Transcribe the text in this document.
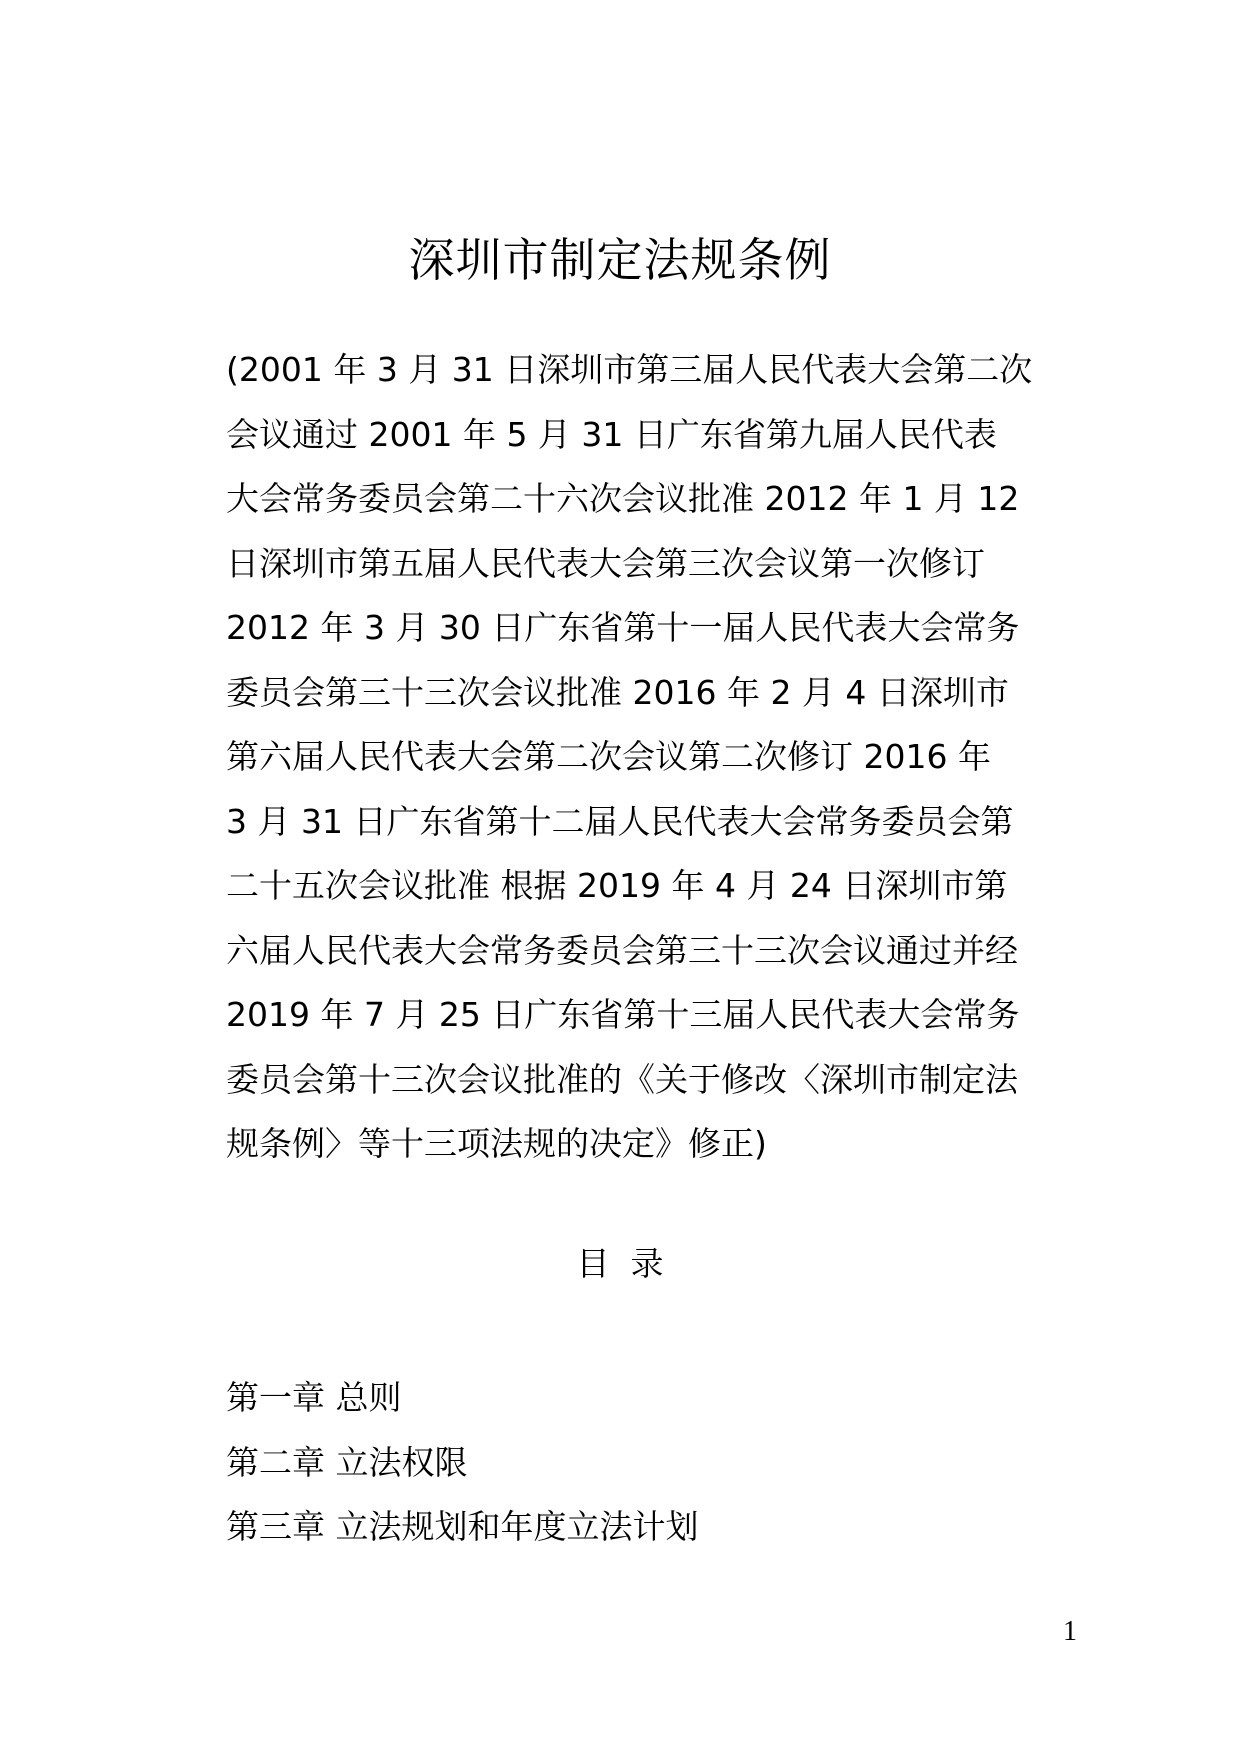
深圳市制定法规条例
(2001 年 3 月 31 日深圳市第三届人民代表大会第二次
会议通过 2001 年 5 月 31 日广东省第九届人民代表
大会常务委员会第二十六次会议批准 2012 年 1 月 12
日深圳市第五届人民代表大会第三次会议第一次修订
2012 年 3 月 30 日广东省第十一届人民代表大会常务
委员会第三十三次会议批准 2016 年 2 月 4 日深圳市
第六届人民代表大会第二次会议第二次修订 2016 年
3 月 31 日广东省第十二届人民代表大会常务委员会第
二十五次会议批准 根据 2019 年 4 月 24 日深圳市第
六届人民代表大会常务委员会第三十三次会议通过并经
2019 年 7 月 25 日广东省第十三届人民代表大会常务
委员会第十三次会议批准的《关于修改〈深圳市制定法
规条例〉等十三项法规的决定》修正)
目  录
第一章 总则
第二章 立法权限
第三章 立法规划和年度立法计划
1
